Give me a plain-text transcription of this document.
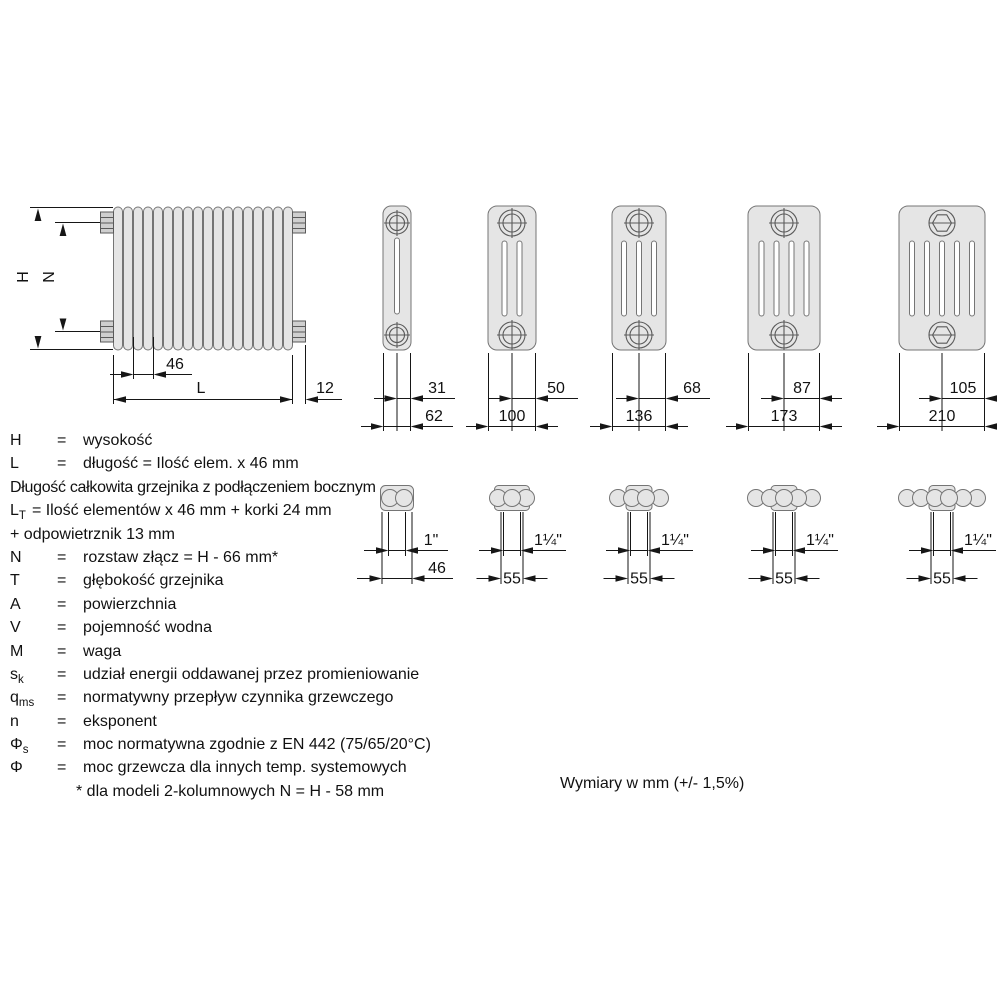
H N
46
L	12	31
62
50
100
68
136
87
173
105
210
1"
46
1¼"
55
1¼"
55
1¼"
55
1¼"
55
H	=	wysokość
L	=	długość = Ilość elem. x 46 mm
Długość całkowita grzejnika z podłączeniem bocznym
$L_T$ = Ilość elementów x 46 mm + korki 24 mm
+ odpowietrznik 13 mm
N	=	rozstaw złącz = H - 66 mm*
T	=	głębokość grzejnika
A	=	powierzchnia
V	=	pojemność wodna
M	=	waga
$s_k$	=	udział energii oddawanej przez promieniowanie
$q_{ms}$	=	normatywny przepływ czynnika grzewczego
n	=	eksponent
$\Phi_s$	=	moc normatywna zgodnie z EN 442 (75/65/20°C)
Φ	=	moc grzewcza dla innych temp. systemowych
* dla modeli 2-kolumnowych N = H - 58 mm	Wymiary w mm (+/- 1,5%)
